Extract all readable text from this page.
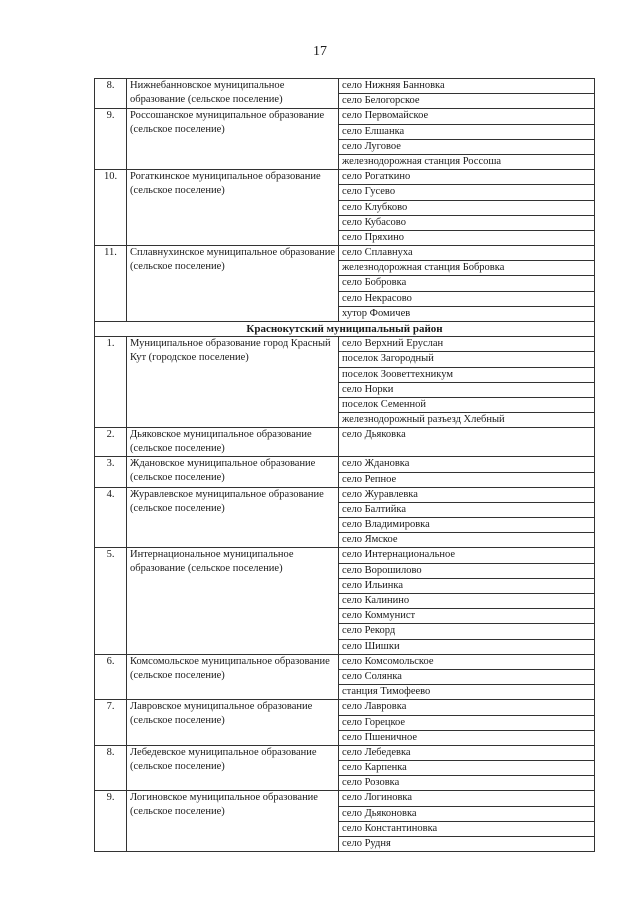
17
8.	Нижнебанновское муниципальное образование (сельское поселение)	село Нижняя Банновка
		село Белогорское
9.	Россошанское муниципальное образование (сельское поселение)	село Первомайское
		село Елшанка
		село Луговое
		железнодорожная станция Россоша
10.	Рогаткинское муниципальное образование (сельское поселение)	село Рогаткино
		село Гусево
		село Клубково
		село Кубасово
		село Пряхино
11.	Сплавнухинское муниципальное образование (сельское поселение)	село Сплавнуха
		железнодорожная станция Бобровка
		село Бобровка
		село Некрасово
		хутор Фомичев
Краснокутский муниципальный район		
1.	Муниципальное образование город Красный Кут (городское поселение)	село Верхний Еруслан
		поселок Загородный
		поселок Зооветтехникум
		село Норки
		поселок Семенной
		железнодорожный разъезд Хлебный
2.	Дьяковское муниципальное образование (сельское поселение)	село Дьяковка
3.	Ждановское муниципальное образование (сельское поселение)	село Ждановка
		село Репное
4.	Журавлевское муниципальное образование (сельское поселение)	село Журавлевка
		село Балтийка
		село Владимировка
		село Ямское
5.	Интернациональное муниципальное образование (сельское поселение)	село Интернациональное
		село Ворошилово
		село Ильинка
		село Калинино
		село Коммунист
		село Рекорд
		село Шишки
6.	Комсомольское муниципальное образование (сельское поселение)	село Комсомольское
		село Солянка
		станция Тимофеево
7.	Лавровское муниципальное образование (сельское поселение)	село Лавровка
		село Горецкое
		село Пшеничное
8.	Лебедевское муниципальное образование (сельское поселение)	село Лебедевка
		село Карпенка
		село Розовка
9.	Логиновское муниципальное образование (сельское поселение)	село Логиновка
		село Дьяконовка
		село Константиновка
		село Рудня
